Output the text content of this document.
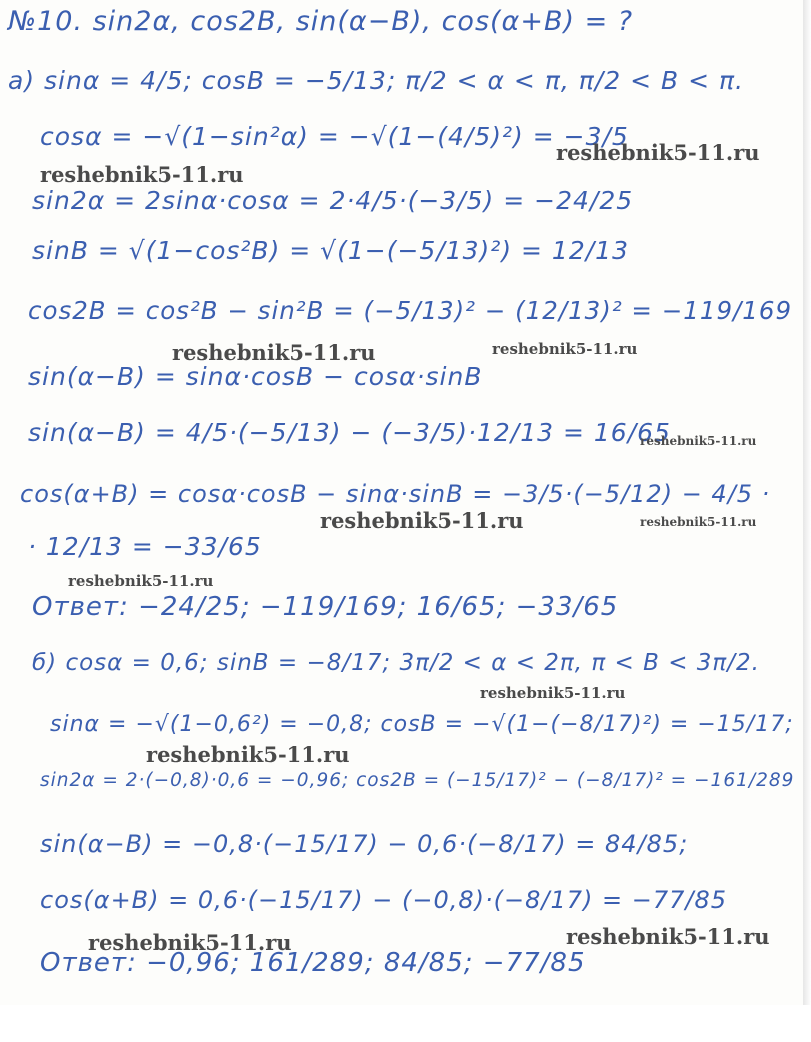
№10. sin2α, cos2B, sin(α−B), cos(α+B) = ?
а) sinα = 4/5; cosB = −5/13; π/2 < α < π, π/2 < B < π.
cosα = −√(1−sin²α) = −√(1−(4/5)²) = −3/5
sin2α = 2sinα·cosα = 2·4/5·(−3/5) = −24/25
sinB = √(1−cos²B) = √(1−(−5/13)²) = 12/13
cos2B = cos²B − sin²B = (−5/13)² − (12/13)² = −119/169
sin(α−B) = sinα·cosB − cosα·sinB
sin(α−B) = 4/5·(−5/13) − (−3/5)·12/13 = 16/65
cos(α+B) = cosα·cosB − sinα·sinB = −3/5·(−5/12) − 4/5 ·
· 12/13 = −33/65
Ответ: −24/25; −119/169; 16/65; −33/65
б) cosα = 0,6; sinB = −8/17; 3π/2 < α < 2π, π < B < 3π/2.
sinα = −√(1−0,6²) = −0,8; cosB = −√(1−(−8/17)²) = −15/17;
sin2α = 2·(−0,8)·0,6 = −0,96; cos2B = (−15/17)² − (−8/17)² = −161/289
sin(α−B) = −0,8·(−15/17) − 0,6·(−8/17) = 84/85;
cos(α+B) = 0,6·(−15/17) − (−0,8)·(−8/17) = −77/85
Ответ: −0,96; 161/289; 84/85; −77/85
reshebnik5-11.ru
reshebnik5-11.ru
reshebnik5-11.ru	reshebnik5-11.ru
reshebnik5-11.ru
reshebnik5-11.ru	reshebnik5-11.ru
reshebnik5-11.ru
reshebnik5-11.ru
reshebnik5-11.ru
reshebnik5-11.ru	reshebnik5-11.ru
